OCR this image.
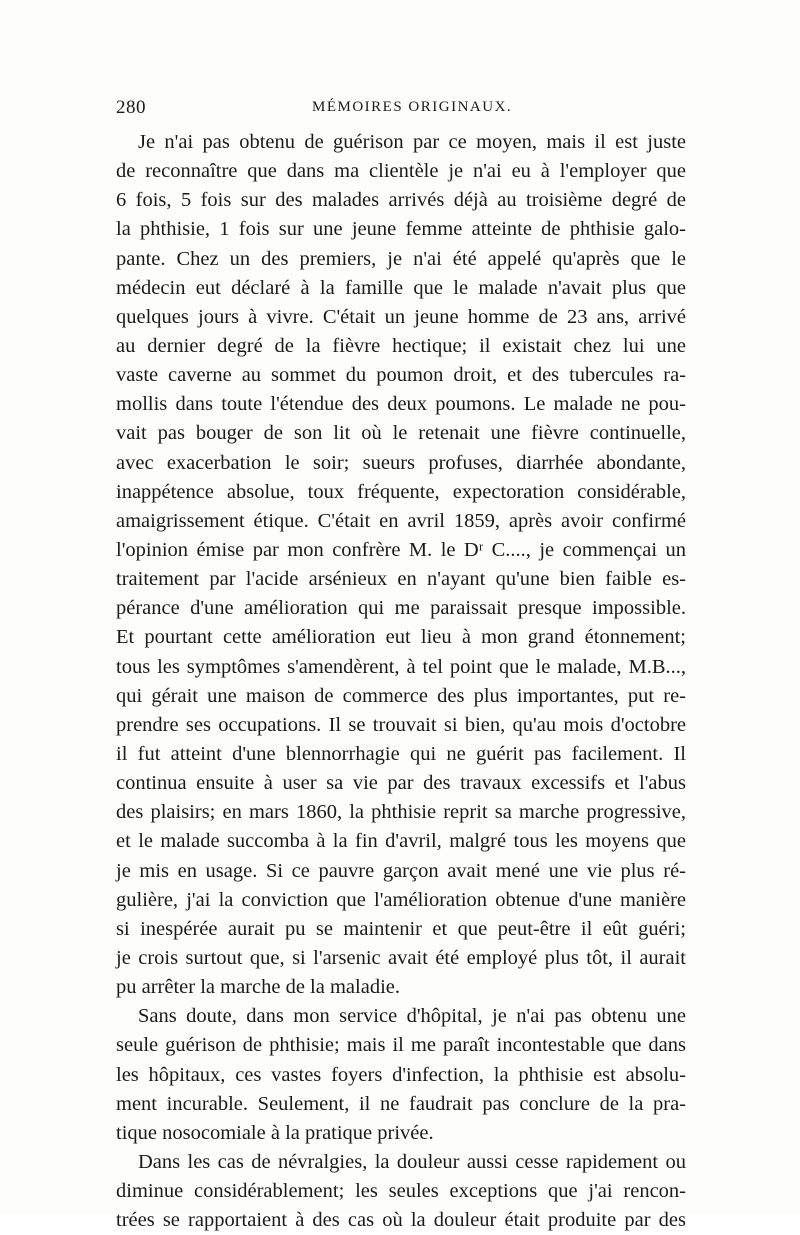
280	MÉMOIRES ORIGINAUX.
Je n'ai pas obtenu de guérison par ce moyen, mais il est juste
de reconnaître que dans ma clientèle je n'ai eu à l'employer que
6 fois, 5 fois sur des malades arrivés déjà au troisième degré de
la phthisie, 1 fois sur une jeune femme atteinte de phthisie galo-
pante. Chez un des premiers, je n'ai été appelé qu'après que le
médecin eut déclaré à la famille que le malade n'avait plus que
quelques jours à vivre. C'était un jeune homme de 23 ans, arrivé
au dernier degré de la fièvre hectique; il existait chez lui une
vaste caverne au sommet du poumon droit, et des tubercules ra-
mollis dans toute l'étendue des deux poumons. Le malade ne pou-
vait pas bouger de son lit où le retenait une fièvre continuelle,
avec exacerbation le soir; sueurs profuses, diarrhée abondante,
inappétence absolue, toux fréquente, expectoration considérable,
amaigrissement étique. C'était en avril 1859, après avoir confirmé
l'opinion émise par mon confrère M. le Dʳ C...., je commençai un
traitement par l'acide arsénieux en n'ayant qu'une bien faible es-
pérance d'une amélioration qui me paraissait presque impossible.
Et pourtant cette amélioration eut lieu à mon grand étonnement;
tous les symptômes s'amendèrent, à tel point que le malade, M.B...,
qui gérait une maison de commerce des plus importantes, put re-
prendre ses occupations. Il se trouvait si bien, qu'au mois d'octobre
il fut atteint d'une blennorrhagie qui ne guérit pas facilement. Il
continua ensuite à user sa vie par des travaux excessifs et l'abus
des plaisirs; en mars 1860, la phthisie reprit sa marche progressive,
et le malade succomba à la fin d'avril, malgré tous les moyens que
je mis en usage. Si ce pauvre garçon avait mené une vie plus ré-
gulière, j'ai la conviction que l'amélioration obtenue d'une manière
si inespérée aurait pu se maintenir et que peut-être il eût guéri;
je crois surtout que, si l'arsenic avait été employé plus tôt, il aurait
pu arrêter la marche de la maladie.
Sans doute, dans mon service d'hôpital, je n'ai pas obtenu une
seule guérison de phthisie; mais il me paraît incontestable que dans
les hôpitaux, ces vastes foyers d'infection, la phthisie est absolu-
ment incurable. Seulement, il ne faudrait pas conclure de la pra-
tique nosocomiale à la pratique privée.
Dans les cas de névralgies, la douleur aussi cesse rapidement ou
diminue considérablement; les seules exceptions que j'ai rencon-
trées se rapportaient à des cas où la douleur était produite par des
